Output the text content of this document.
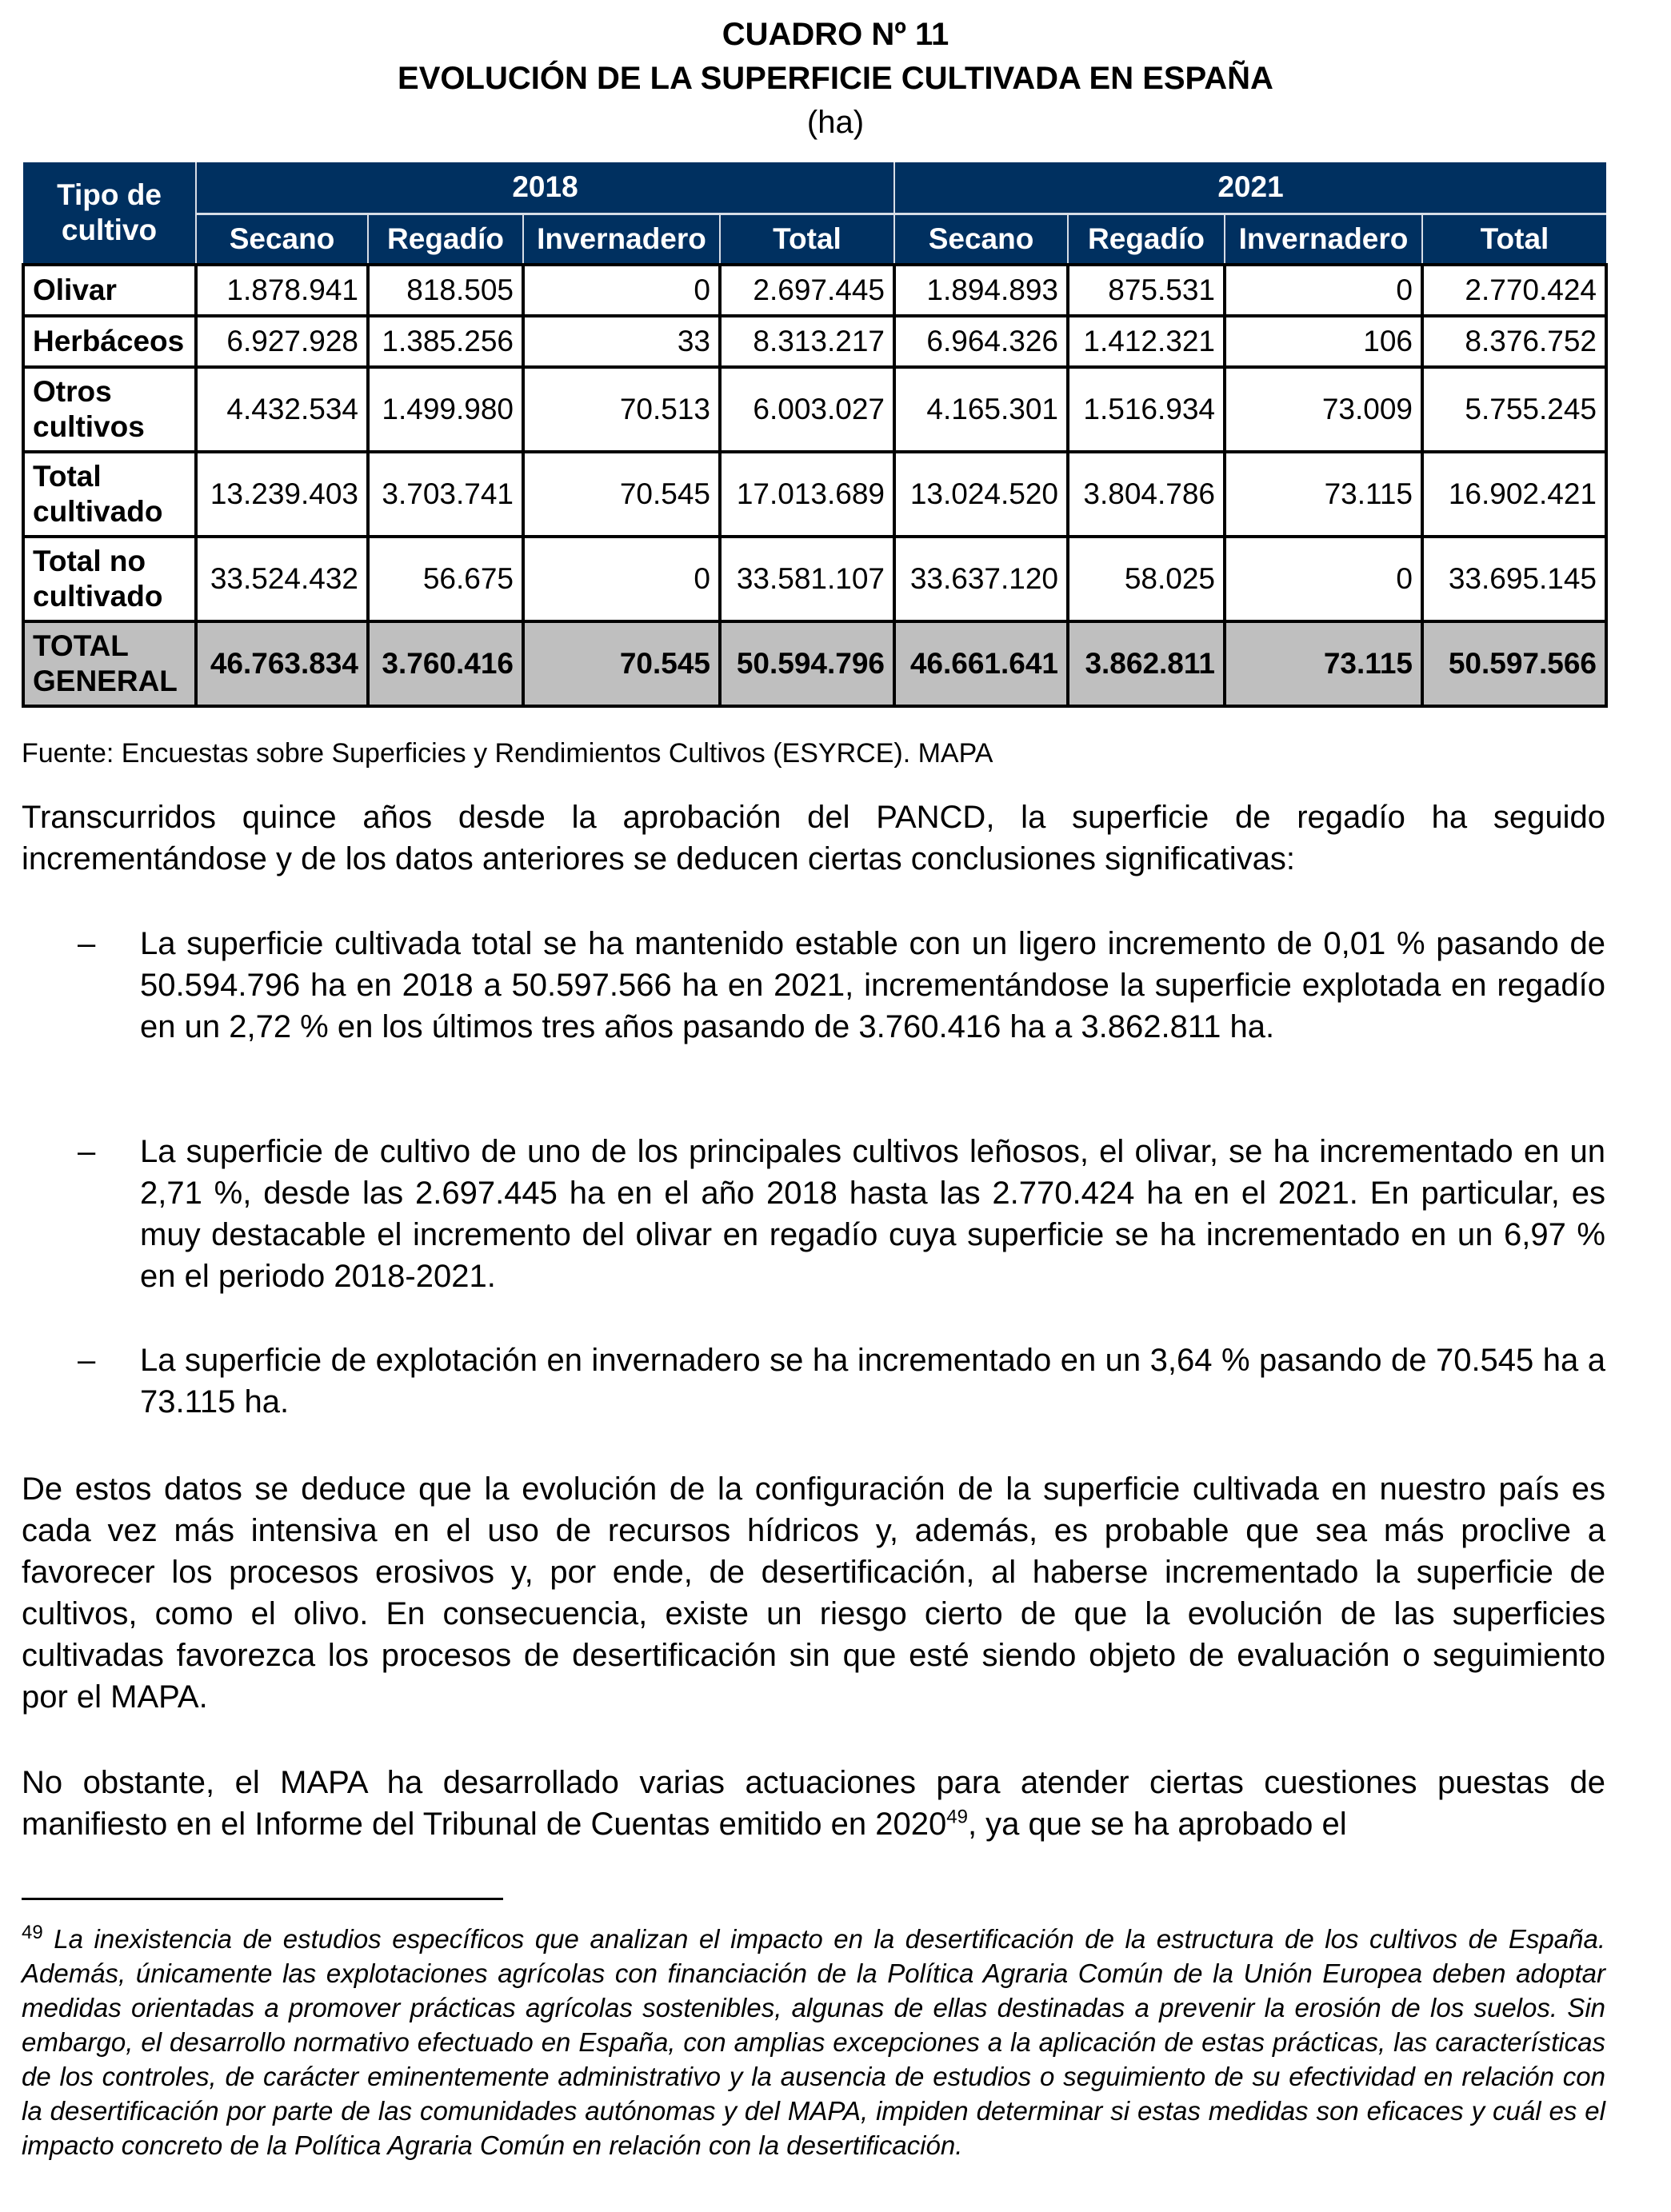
CUADRO Nº 11
EVOLUCIÓN DE LA SUPERFICIE CULTIVADA EN ESPAÑA
(ha)
Tipo de cultivo	2018				2021			
	Secano	Regadío	Invernadero	Total	Secano	Regadío	Invernadero	Total
Olivar	1.878.941	818.505	0	2.697.445	1.894.893	875.531	0	2.770.424
Herbáceos	6.927.928	1.385.256	33	8.313.217	6.964.326	1.412.321	106	8.376.752
Otros cultivos	4.432.534	1.499.980	70.513	6.003.027	4.165.301	1.516.934	73.009	5.755.245
Total cultivado	13.239.403	3.703.741	70.545	17.013.689	13.024.520	3.804.786	73.115	16.902.421
Total no cultivado	33.524.432	56.675	0	33.581.107	33.637.120	58.025	0	33.695.145
TOTAL GENERAL	46.763.834	3.760.416	70.545	50.594.796	46.661.641	3.862.811	73.115	50.597.566
Fuente: Encuestas sobre Superficies y Rendimientos Cultivos (ESYRCE). MAPA
Transcurridos quince años desde la aprobación del PANCD, la superficie de regadío ha seguido incrementándose y de los datos anteriores se deducen ciertas conclusiones significativas:
– La superficie cultivada total se ha mantenido estable con un ligero incremento de 0,01 % pasando de 50.594.796 ha en 2018 a 50.597.566 ha en 2021, incrementándose la superficie explotada en regadío en un 2,72 % en los últimos tres años pasando de 3.760.416 ha a 3.862.811 ha.
– La superficie de cultivo de uno de los principales cultivos leñosos, el olivar, se ha incrementado en un 2,71 %, desde las 2.697.445 ha en el año 2018 hasta las 2.770.424 ha en el 2021. En particular, es muy destacable el incremento del olivar en regadío cuya superficie se ha incrementado en un 6,97 % en el periodo 2018-2021.
– La superficie de explotación en invernadero se ha incrementado en un 3,64 % pasando de 70.545 ha a 73.115 ha.
De estos datos se deduce que la evolución de la configuración de la superficie cultivada en nuestro país es cada vez más intensiva en el uso de recursos hídricos y, además, es probable que sea más proclive a favorecer los procesos erosivos y, por ende, de desertificación, al haberse incrementado la superficie de cultivos, como el olivo. En consecuencia, existe un riesgo cierto de que la evolución de las superficies cultivadas favorezca los procesos de desertificación sin que esté siendo objeto de evaluación o seguimiento por el MAPA.
No obstante, el MAPA ha desarrollado varias actuaciones para atender ciertas cuestiones puestas de manifiesto en el Informe del Tribunal de Cuentas emitido en 2020$^{49}$, ya que se ha aprobado el
$^{49}$ La inexistencia de estudios específicos que analizan el impacto en la desertificación de la estructura de los cultivos de España. Además, únicamente las explotaciones agrícolas con financiación de la Política Agraria Común de la Unión Europea deben adoptar medidas orientadas a promover prácticas agrícolas sostenibles, algunas de ellas destinadas a prevenir la erosión de los suelos. Sin embargo, el desarrollo normativo efectuado en España, con amplias excepciones a la aplicación de estas prácticas, las características de los controles, de carácter eminentemente administrativo y la ausencia de estudios o seguimiento de su efectividad en relación con la desertificación por parte de las comunidades autónomas y del MAPA, impiden determinar si estas medidas son eficaces y cuál es el impacto concreto de la Política Agraria Común en relación con la desertificación.
